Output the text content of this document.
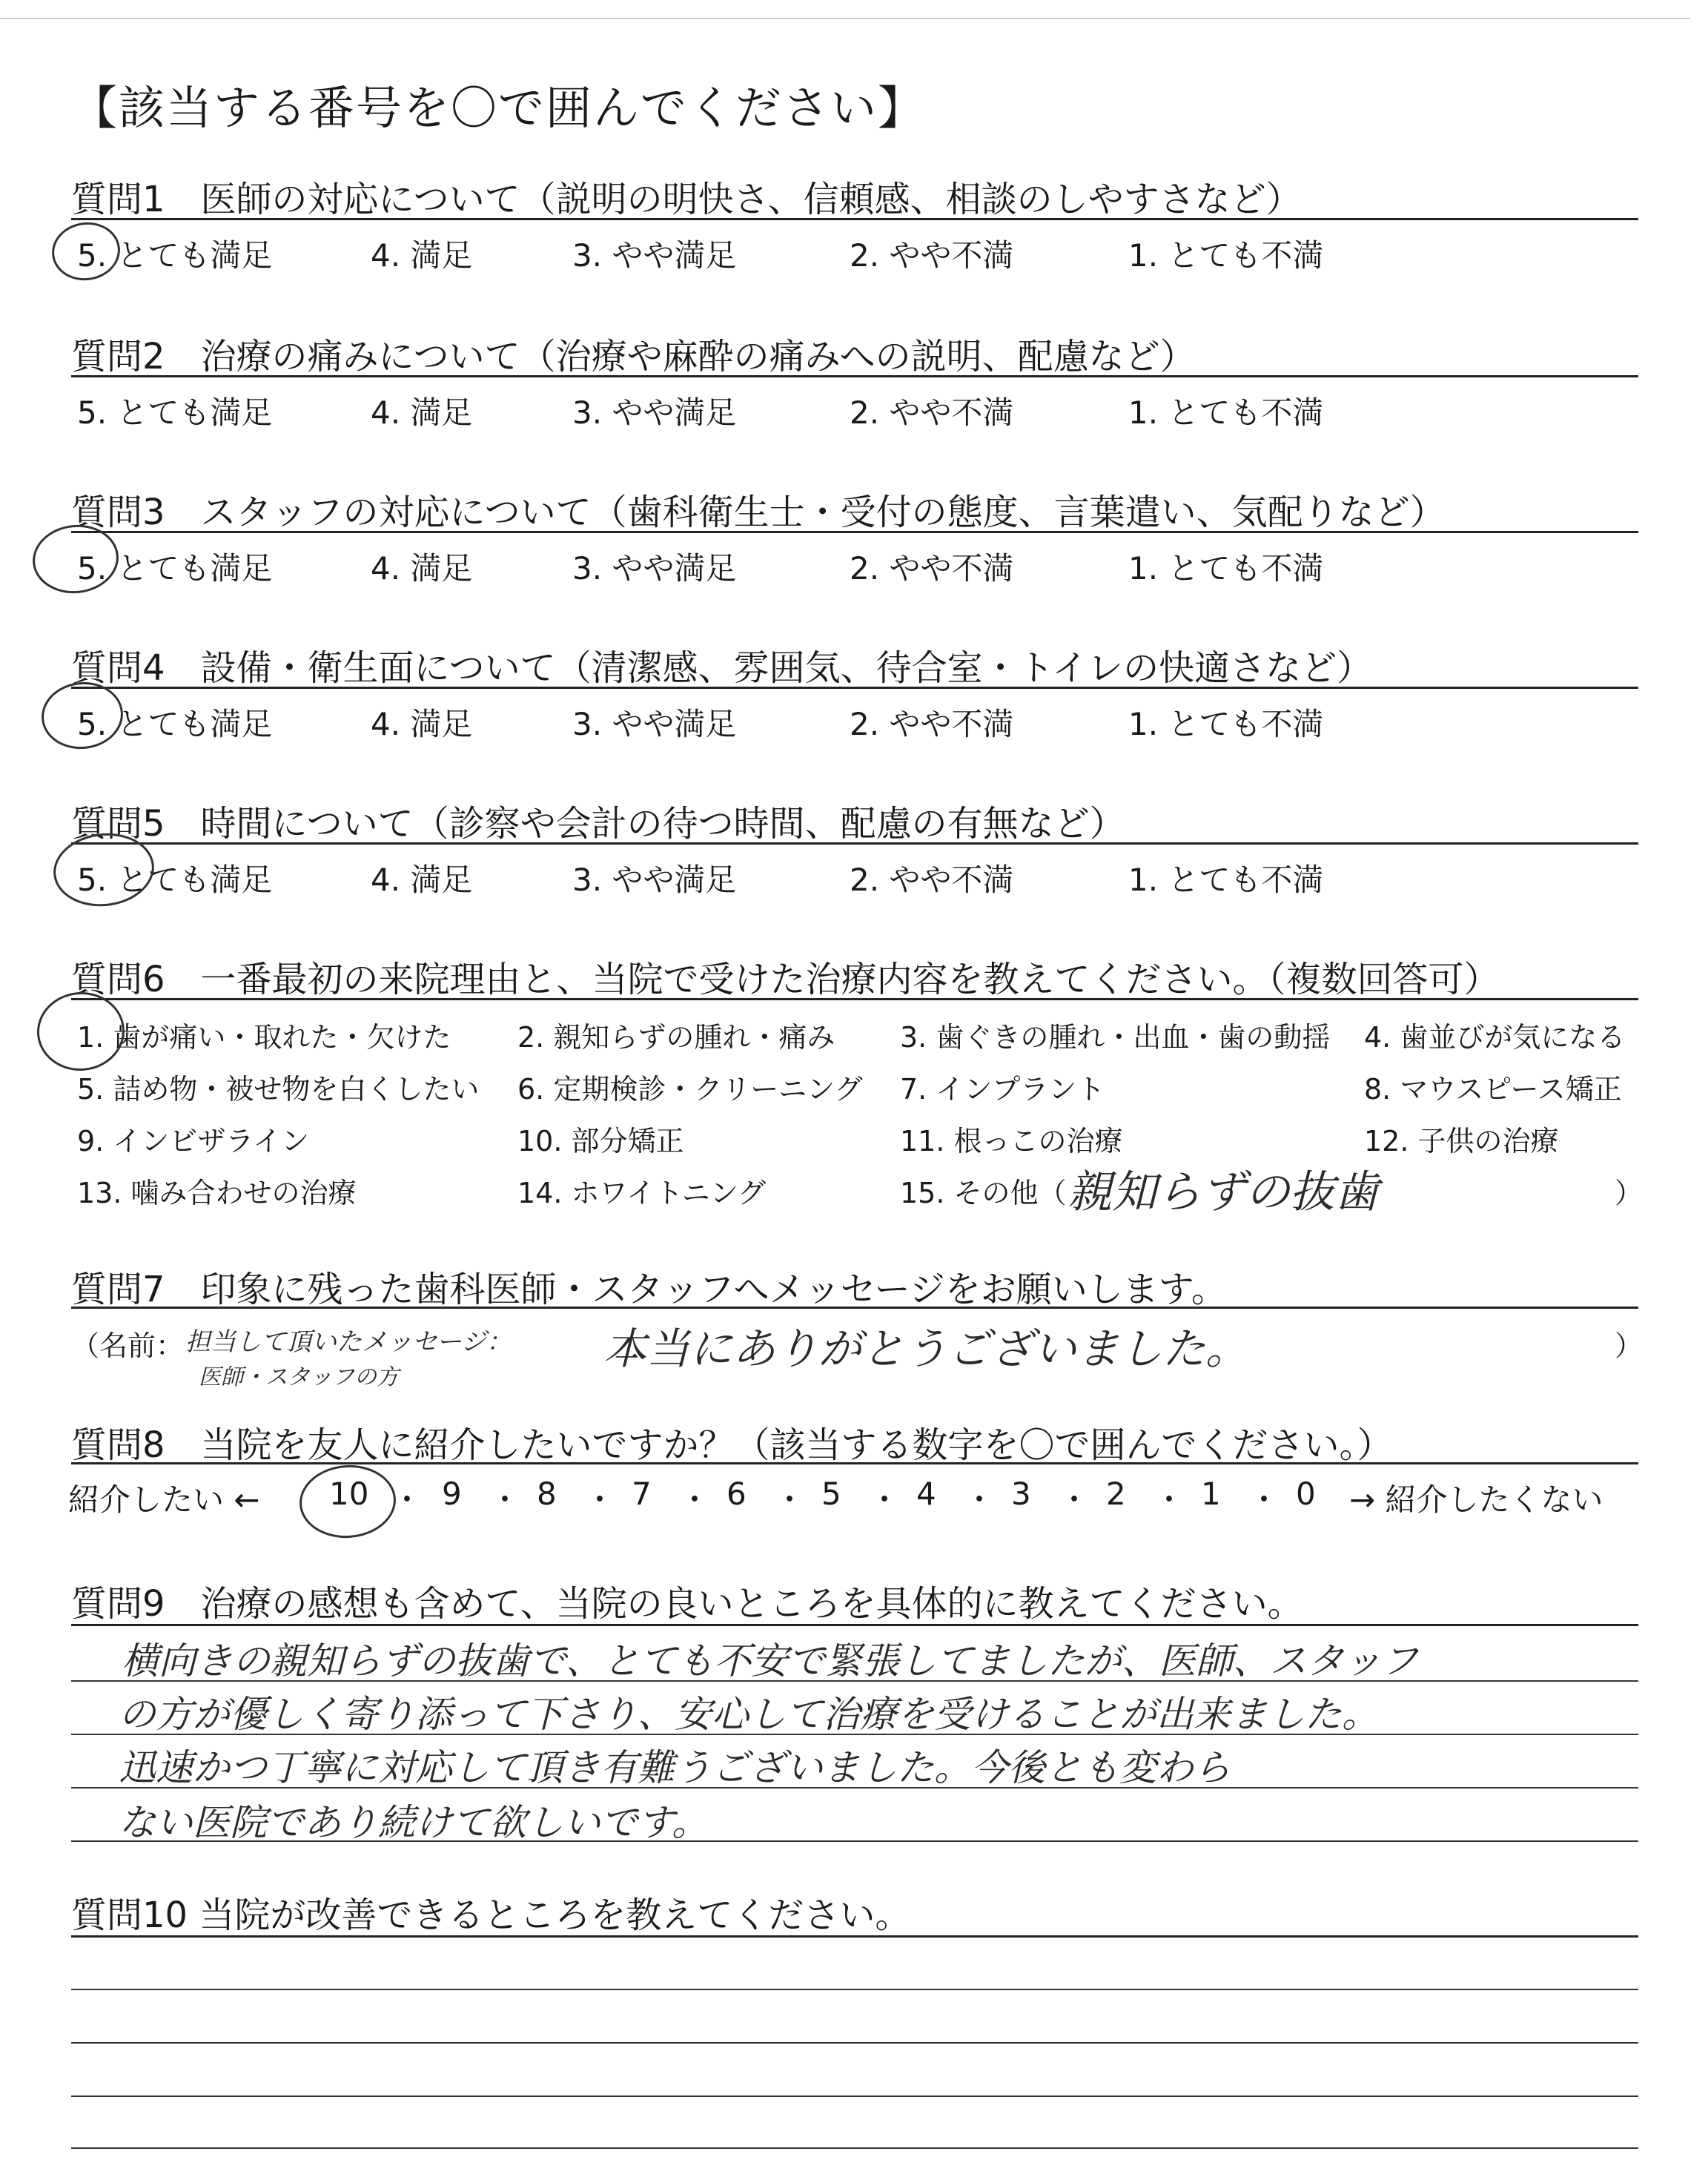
【該当する番号を〇で囲んでください】
質問1　医師の対応について（説明の明快さ、信頼感、相談のしやすさなど）
5. とても満足	4. 満足	3. やや満足	2. やや不満	1. とても不満
質問2　治療の痛みについて（治療や麻酔の痛みへの説明、配慮など）
5. とても満足	4. 満足	3. やや満足	2. やや不満	1. とても不満
質問3　スタッフの対応について（歯科衛生士・受付の態度、言葉遣い、気配りなど）
5. とても満足	4. 満足	3. やや満足	2. やや不満	1. とても不満
質問4　設備・衛生面について（清潔感、雰囲気、待合室・トイレの快適さなど）
5. とても満足	4. 満足	3. やや満足	2. やや不満	1. とても不満
質問5　時間について（診察や会計の待つ時間、配慮の有無など）
5. とても満足	4. 満足	3. やや満足	2. やや不満	1. とても不満
質問6　一番最初の来院理由と、当院で受けた治療内容を教えてください。（複数回答可）
1. 歯が痛い・取れた・欠けた 2. 親知らずの腫れ・痛み 3. 歯ぐきの腫れ・出血・歯の動揺 4. 歯並びが気になる
5. 詰め物・被せ物を白くしたい 6. 定期検診・クリーニング 7. インプラント	8. マウスピース矯正
9. インビザライン	10. 部分矯正	11. 根っこの治療	12. 子供の治療
13. 噛み合わせの治療	14. ホワイトニング	15. その他（ 親知らずの抜歯	）
質問7　印象に残った歯科医師・スタッフへメッセージをお願いします。
（名前： 担当して頂いたメッセージ：
医師・スタッフの方
本当にありがとうございました。	）
質問8　当院を友人に紹介したいですか？（該当する数字を〇で囲んでください。）
紹介したい ← 10 ・ 9 ・ 8 ・ 7 ・ 6 ・ 5 ・ 4 ・ 3 ・ 2 ・ 1 ・ 0 → 紹介したくない
質問9　治療の感想も含めて、当院の良いところを具体的に教えてください。
横向きの親知らずの抜歯で、とても不安で緊張してましたが、医師、スタッフ
の方が優しく寄り添って下さり、安心して治療を受けることが出来ました。
迅速かつ丁寧に対応して頂き有難うございました。今後とも変わら
ない医院であり続けて欲しいです。
質問10 当院が改善できるところを教えてください。
